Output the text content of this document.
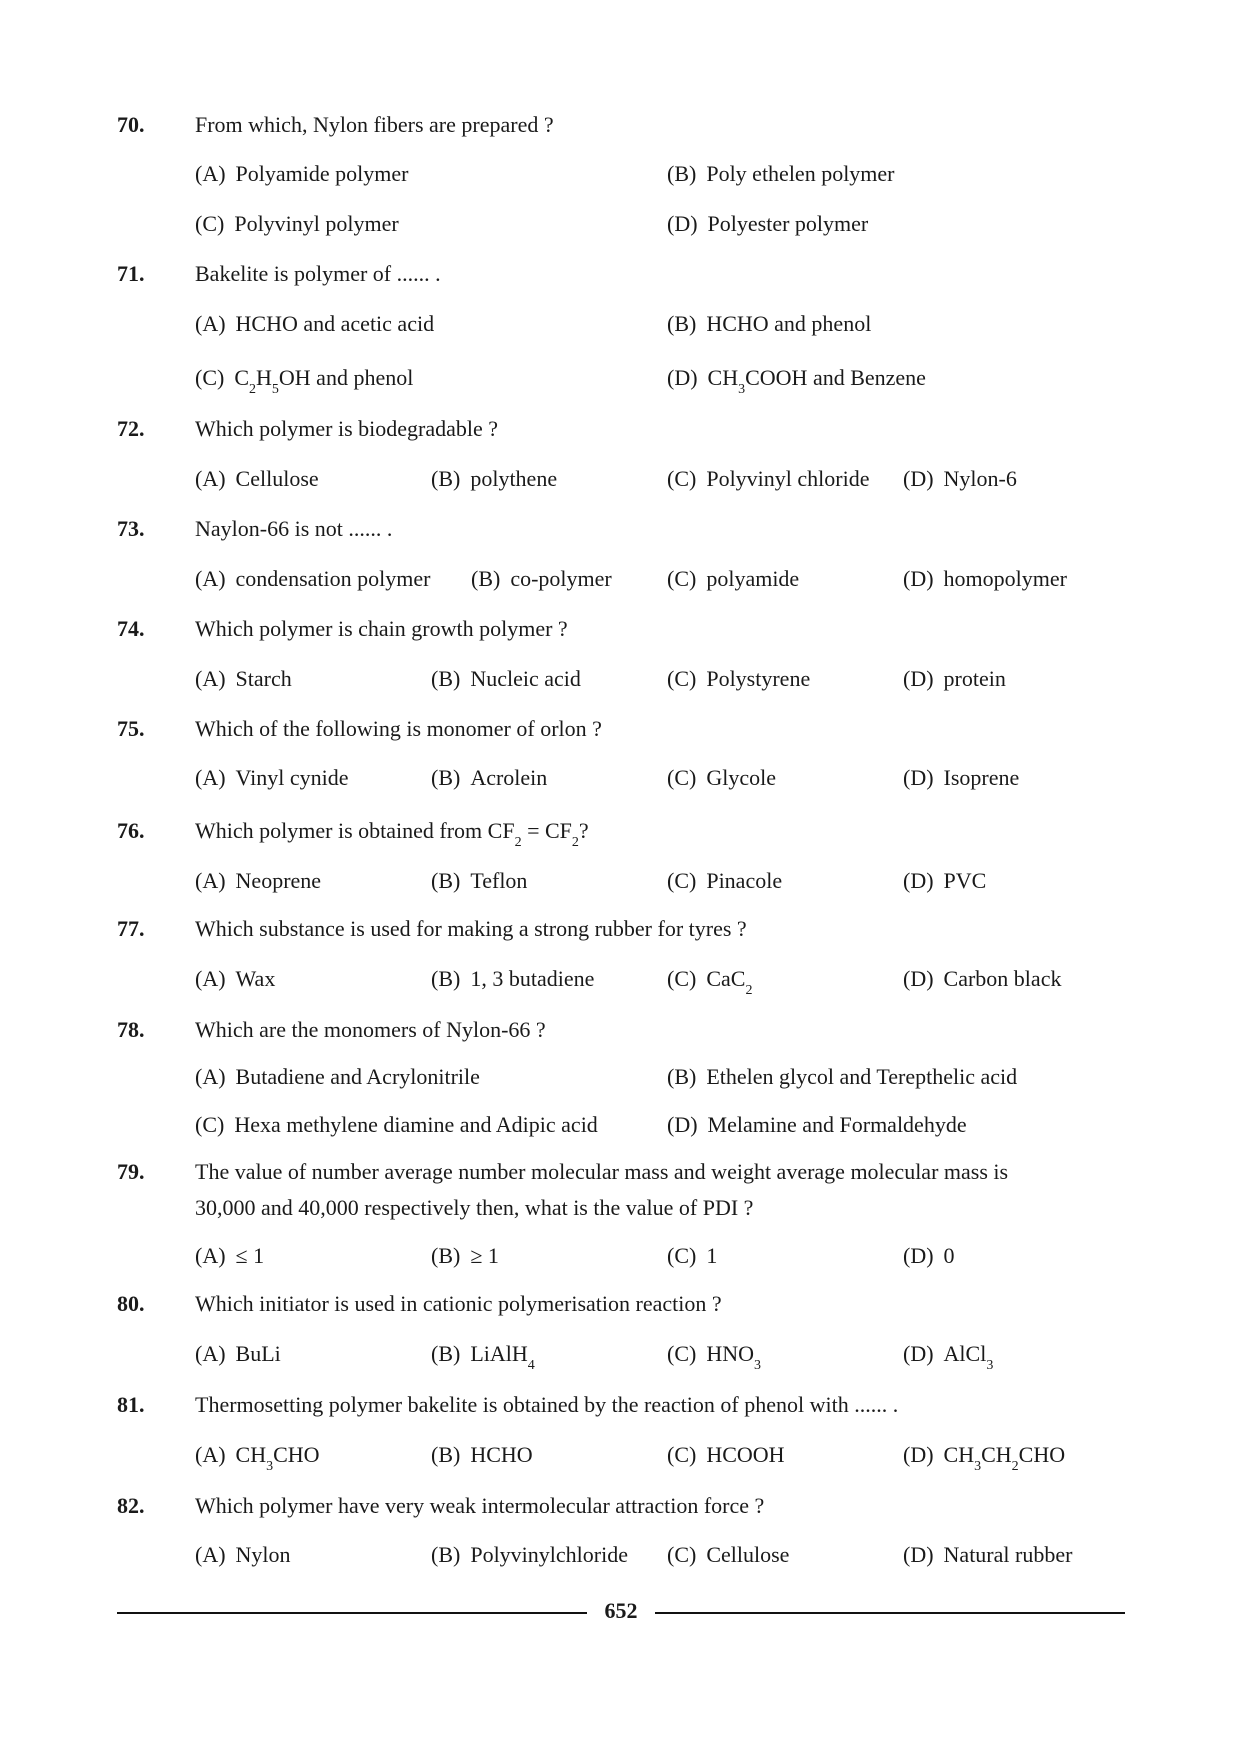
70. From which, Nylon fibers are prepared ?
(A) Polyamide polymer	(B) Poly ethelen polymer
(C) Polyvinyl polymer	(D) Polyester polymer
71. Bakelite is polymer of ...... .
(A) HCHO and acetic acid	(B) HCHO and phenol
(C) $C_2H_5OH$ and phenol	(D) $CH_3COOH$ and Benzene
72. Which polymer is biodegradable ?
(A) Cellulose	(B) polythene	(C) Polyvinyl chloride (D) Nylon-6
73. Naylon-66 is not ...... .
(A) condensation polymer (B) co-polymer	(C) polyamide	(D) homopolymer
74. Which polymer is chain growth polymer ?
(A) Starch	(B) Nucleic acid	(C) Polystyrene	(D) protein
75. Which of the following is monomer of orlon ?
(A) Vinyl cynide	(B) Acrolein	(C) Glycole	(D) Isoprene
76. Which polymer is obtained from $CF_2 = CF_2$?
(A) Neoprene	(B) Teflon	(C) Pinacole	(D) PVC
77. Which substance is used for making a strong rubber for tyres ?
(A) Wax	(B) 1, 3 butadiene	(C) CaC$_2$	(D) Carbon black
78. Which are the monomers of Nylon-66 ?
(A) Butadiene and Acrylonitrile	(B) Ethelen glycol and Terepthelic acid
(C) Hexa methylene diamine and Adipic acid	(D) Melamine and Formaldehyde
79. The value of number average number molecular mass and weight average molecular mass is
30,000 and 40,000 respectively then, what is the value of PDI ?
(A) ≤ 1	(B) ≥ 1	(C) 1	(D) 0
80. Which initiator is used in cationic polymerisation reaction ?
(A) BuLi	(B) LiAlH$_4$	(C) $HNO_3$	(D) AlCl$_3$
81. Thermosetting polymer bakelite is obtained by the reaction of phenol with ...... .
(A) $CH_3CHO$	(B) HCHO	(C) HCOOH	(D) $CH_3CH_2CHO$
82. Which polymer have very weak intermolecular attraction force ?
(A) Nylon	(B) Polyvinylchloride (C) Cellulose	(D) Natural rubber
652
